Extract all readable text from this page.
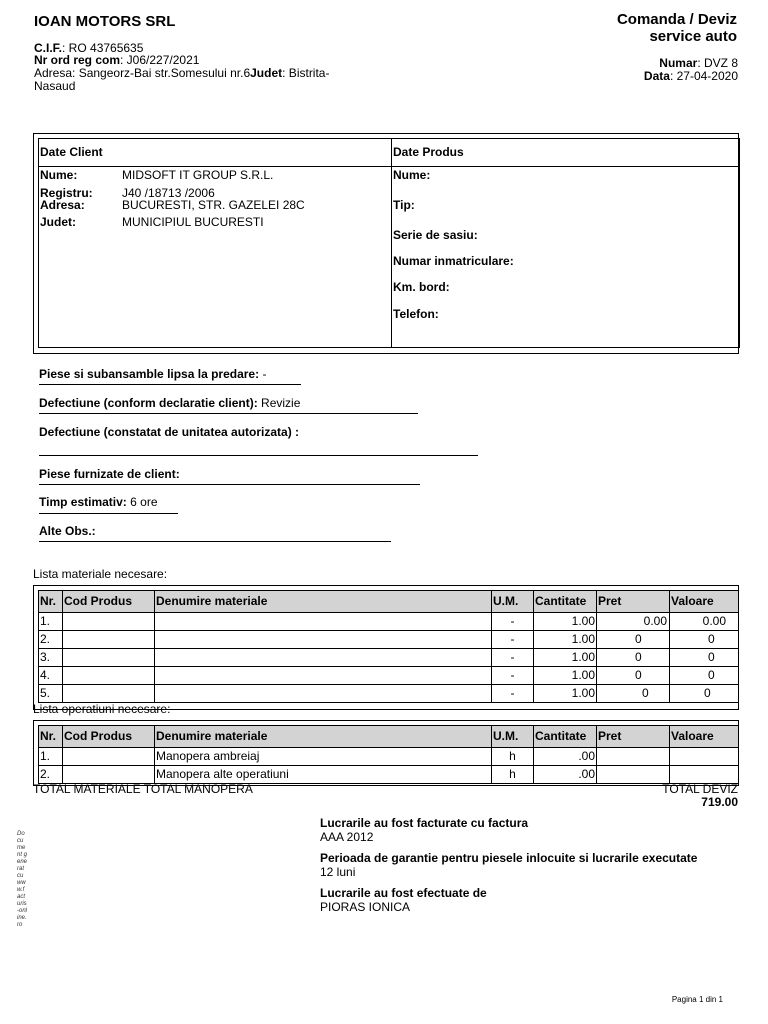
IOAN MOTORS SRL
C.I.F.: RO 43765635
Nr ord reg com: J06/227/2021
Adresa: Sangeorz-Bai str.Somesului nr.6Judet: Bistrita-
Nasaud
Comanda / Deviz
service auto
Numar: DVZ 8
Data: 27-04-2020
Date Client	Date Produs
Nume:	MIDSOFT IT GROUP S.R.L.
Registru: J40 /18713 /2006
Adresa:	BUCURESTI, STR. GAZELEI 28C
Judet:	MUNICIPIUL BUCURESTI
Nume:
Tip:
Serie de sasiu:
Numar inmatriculare:
Km. bord:
Telefon:
Piese si subansamble lipsa la predare: -
Defectiune (conform declaratie client): Revizie
Defectiune (constatat de unitatea autorizata) :
Piese furnizate de client:
Timp estimativ: 6 ore
Alte Obs.:
Lista materiale necesare:
Nr.	Cod Produs	Denumire materiale	U.M.	Cantitate	Pret	Valoare
1.			-	1.00	0.00	0.00
2.			-	1.00	0	0
3.			-	1.00	0	0
4.			-	1.00	0	0
5.			-	1.00	0	0
Lista operatiuni necesare:
Nr.	Cod Produs	Denumire materiale	U.M.	Cantitate	Pret	Valoare
1.		Manopera ambreiaj	h	.00		
2.		Manopera alte operatiuni	h	.00		
TOTAL MATERIALE TOTAL MANOPERA	TOTAL DEVIZ
719.00
Lucrarile au fost facturate cu factura
AAA 2012
Perioada de garantie pentru piesele inlocuite si lucrarile executate
12 luni
Lucrarile au fost efectuate de
PIORAS IONICA
Document generat cu www.facturis-online.ro
Pagina 1 din 1
